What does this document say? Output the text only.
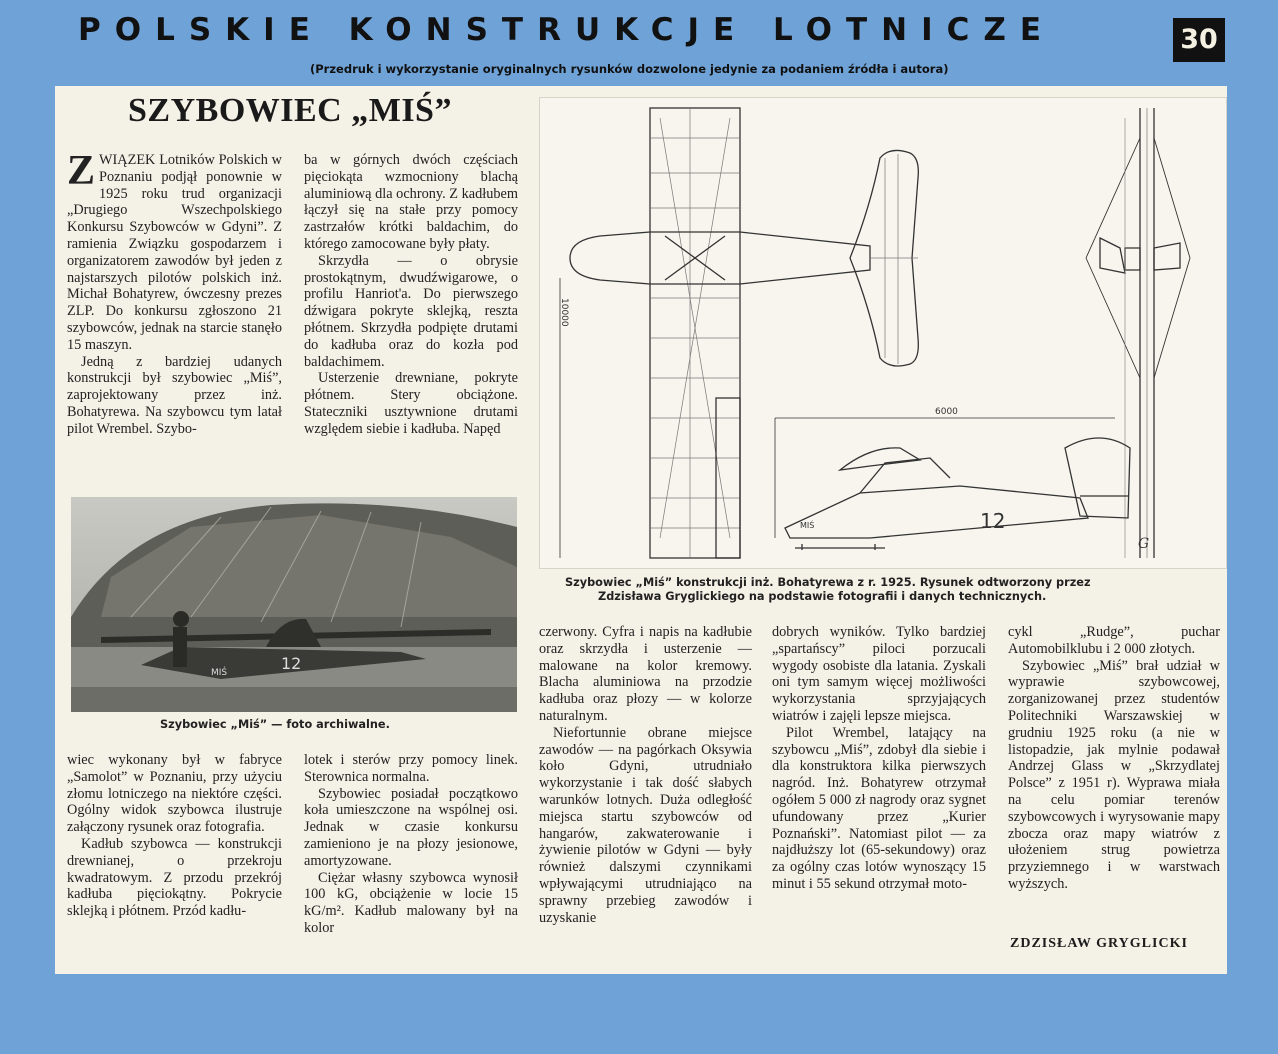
POLSKIE KONSTRUKCJE LOTNICZE	30
(Przedruk i wykorzystanie oryginalnych rysunków dozwolone jedynie za podaniem źródła i autora)
SZYBOWIEC „MIŚ”

ZWIĄZEK Lotników Polskich w Poznaniu podjął ponownie w 1925 roku trud organizacji „Drugiego Wszechpolskiego Konkursu Szybowców w Gdyni”. Z ramienia Związku gospodarzem i organizatorem zawodów był jeden z najstarszych pilotów polskich inż. Michał Bohatyrew, ówczesny prezes ZLP. Do konkursu zgłoszono 21 szybowców, jednak na starcie stanęło 15 maszyn.

Jedną z bardziej udanych konstrukcji był szybowiec „Miś”, zaprojektowany przez inż. Bohatyrewa. Na szybowcu tym latał pilot Wrembel. Szybo-

ba w górnych dwóch częściach pięciokąta wzmocniony blachą aluminiową dla ochrony. Z kadłubem łączył się na stałe przy pomocy zastrzałów krótki baldachim, do którego zamocowane były płaty.

Skrzydła — o obrysie prostokątnym, dwudźwigarowe, o profilu Hanriot'a. Do pierwszego dźwigara pokryte sklejką, reszta płótnem. Skrzydła podpięte drutami do kadłuba oraz do kozła pod baldachimem.

Usterzenie drewniane, pokryte płótnem. Stery obciążone. Stateczniki usztywnione drutami względem siebie i kadłuba. Napęd

MIŚ	12
Szybowiec „Miś” — foto archiwalne.
10000
6000
MIŚ	12
G
Szybowiec „Miś” konstrukcji inż. Bohatyrewa z r. 1925. Rysunek odtworzony przez
Zdzisława Gryglickiego na podstawie fotografii i danych technicznych.

wiec wykonany był w fabryce „Samolot” w Poznaniu, przy użyciu złomu lotniczego na niektóre części. Ogólny widok szybowca ilustruje załączony rysunek oraz fotografia.

Kadłub szybowca — konstrukcji drewnianej, o przekroju kwadratowym. Z przodu przekrój kadłuba pięciokątny. Pokrycie sklejką i płótnem. Przód kadłu-

lotek i sterów przy pomocy linek. Sterownica normalna.

Szybowiec posiadał początkowo koła umieszczone na wspólnej osi. Jednak w czasie konkursu zamieniono je na płozy jesionowe, amortyzowane.

Ciężar własny szybowca wynosił 100 kG, obciążenie w locie 15 kG/m². Kadłub malowany był na kolor

czerwony. Cyfra i napis na kadłubie oraz skrzydła i usterzenie — malowane na kolor kremowy. Blacha aluminiowa na przodzie kadłuba oraz płozy — w kolorze naturalnym.

Niefortunnie obrane miejsce zawodów — na pagórkach Oksywia koło Gdyni, utrudniało wykorzystanie i tak dość słabych warunków lotnych. Duża odległość miejsca startu szybowców od hangarów, zakwaterowanie i żywienie pilotów w Gdyni — były również dalszymi czynnikami wpływającymi utrudniająco na sprawny przebieg zawodów i uzyskanie

dobrych wyników. Tylko bardziej „spartańscy” piloci porzucali wygody osobiste dla latania. Zyskali oni tym samym więcej możliwości wykorzystania sprzyjających wiatrów i zajęli lepsze miejsca.

Pilot Wrembel, latający na szybowcu „Miś”, zdobył dla siebie i dla konstruktora kilka pierwszych nagród. Inż. Bohatyrew otrzymał ogółem 5 000 zł nagrody oraz sygnet ufundowany przez „Kurier Poznański”. Natomiast pilot — za najdłuższy lot (65-sekundowy) oraz za ogólny czas lotów wynoszący 15 minut i 55 sekund otrzymał moto-

cykl „Rudge”, puchar Automobilklubu i 2 000 złotych.

Szybowiec „Miś” brał udział w wyprawie szybowcowej, zorganizowanej przez studentów Politechniki Warszawskiej w grudniu 1925 roku (a nie w listopadzie, jak mylnie podawał Andrzej Glass w „Skrzydlatej Polsce” z 1951 r). Wyprawa miała na celu pomiar terenów szybowcowych i wyrysowanie mapy zbocza oraz mapy wiatrów z ułożeniem strug powietrza przyziemnego i w warstwach wyższych.

ZDZISŁAW GRYGLICKI
